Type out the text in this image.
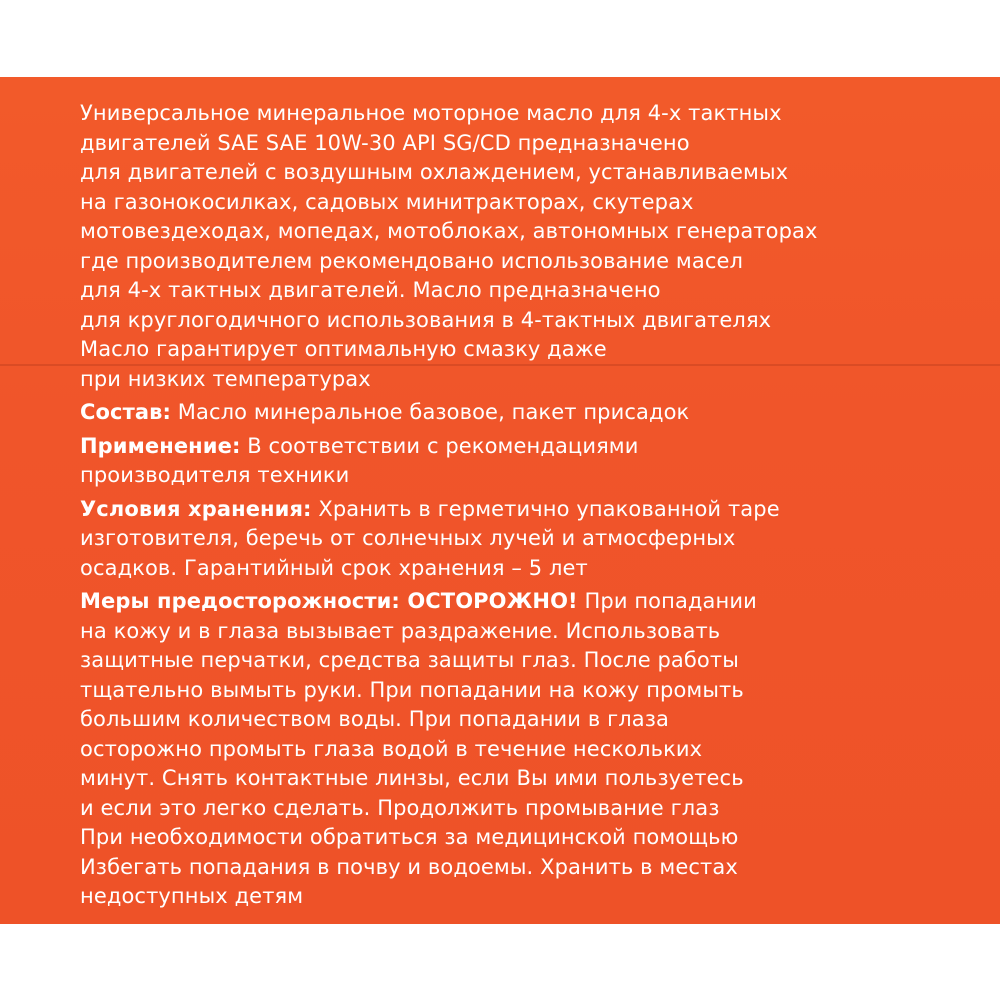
Универсальное минеральное моторное масло для 4-х тактных
двигателей SAE SAE 10W-30 API SG/CD предназначено
для двигателей с воздушным охлаждением, устанавливаемых
на газонокосилках, садовых минитракторах, скутерах
мотовездеходах, мопедах, мотоблоках, автономных генераторах
где производителем рекомендовано использование масел
для 4-х тактных двигателей. Масло предназначено
для круглогодичного использования в 4-тактных двигателях
Масло гарантирует оптимальную смазку даже
при низких температурах
Состав: Масло минеральное базовое, пакет присадок
Применение: В соответствии с рекомендациями
производителя техники
Условия хранения: Хранить в герметично упакованной таре
изготовителя, беречь от солнечных лучей и атмосферных
осадков. Гарантийный срок хранения – 5 лет
Меры предосторожности: ОСТОРОЖНО! При попадании
на кожу и в глаза вызывает раздражение. Использовать
защитные перчатки, средства защиты глаз. После работы
тщательно вымыть руки. При попадании на кожу промыть
большим количеством воды. При попадании в глаза
осторожно промыть глаза водой в течение нескольких
минут. Снять контактные линзы, если Вы ими пользуетесь
и если это легко сделать. Продолжить промывание глаз
При необходимости обратиться за медицинской помощью
Избегать попадания в почву и водоемы. Хранить в местах
недоступных детям
